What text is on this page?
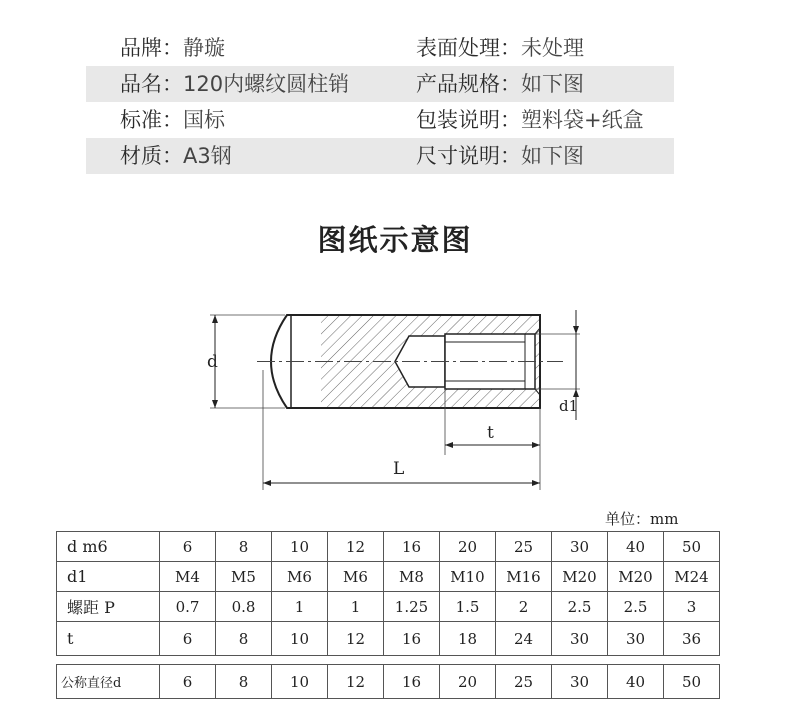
品牌：静璇	表面处理：未处理
品名：120内螺纹圆柱销	产品规格：如下图
标准：国标	包装说明：塑料袋+纸盒
材质：A3钢	尺寸说明：如下图
图纸示意图
d
d1
t
L
单位：mm
d m6	6	8	10	12	16	20	25	30	40	50
d1	M4	M5	M6	M6	M8	M10	M16	M20	M20	M24
螺距 P	0.7	0.8	1	1	1.25	1.5	2	2.5	2.5	3
t	6	8	10	12	16	18	24	30	30	36

公称直径d	6	8	10	12	16	20	25	30	40	50
